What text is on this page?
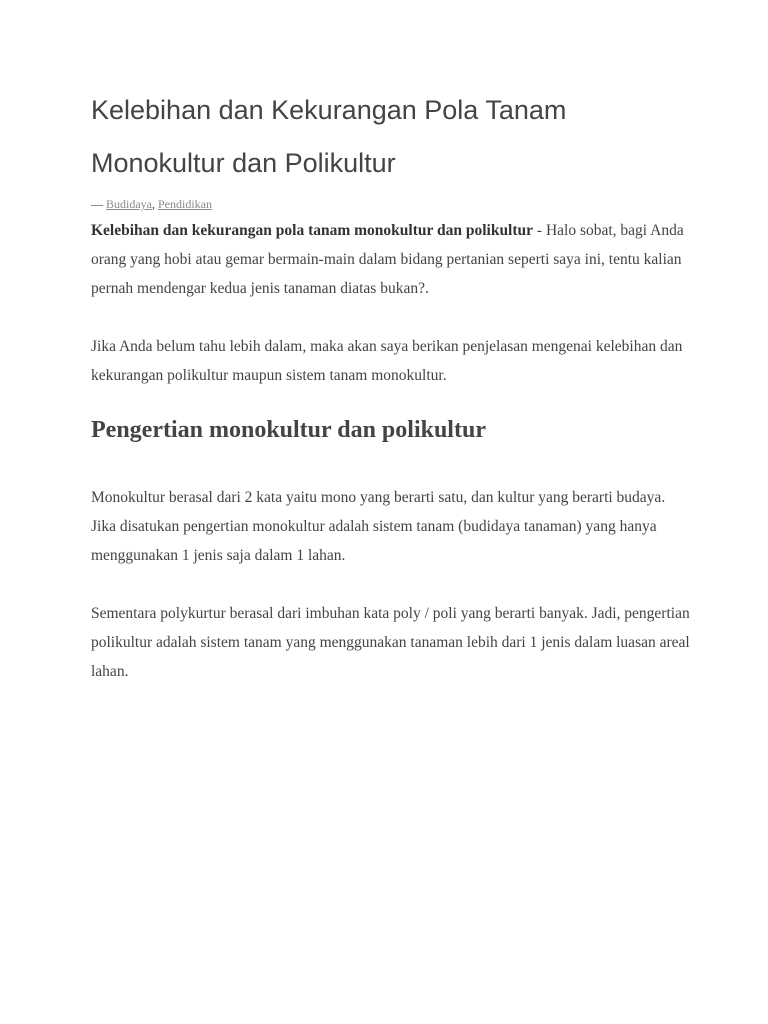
Kelebihan dan Kekurangan Pola Tanam
Monokultur dan Polikultur
— Budidaya, Pendidikan

Kelebihan dan kekurangan pola tanam monokultur dan polikultur - Halo sobat, bagi Anda orang yang hobi atau gemar bermain-main dalam bidang pertanian seperti saya ini, tentu kalian pernah mendengar kedua jenis tanaman diatas bukan?.

Jika Anda belum tahu lebih dalam, maka akan saya berikan penjelasan mengenai kelebihan dan kekurangan polikultur maupun sistem tanam monokultur.

Pengertian monokultur dan polikultur

Monokultur berasal dari 2 kata yaitu mono yang berarti satu, dan kultur yang berarti budaya. Jika disatukan pengertian monokultur adalah sistem tanam (budidaya tanaman) yang hanya menggunakan 1 jenis saja dalam 1 lahan.

Sementara polykurtur berasal dari imbuhan kata poly / poli yang berarti banyak. Jadi, pengertian polikultur adalah sistem tanam yang menggunakan tanaman lebih dari 1 jenis dalam luasan areal lahan.
